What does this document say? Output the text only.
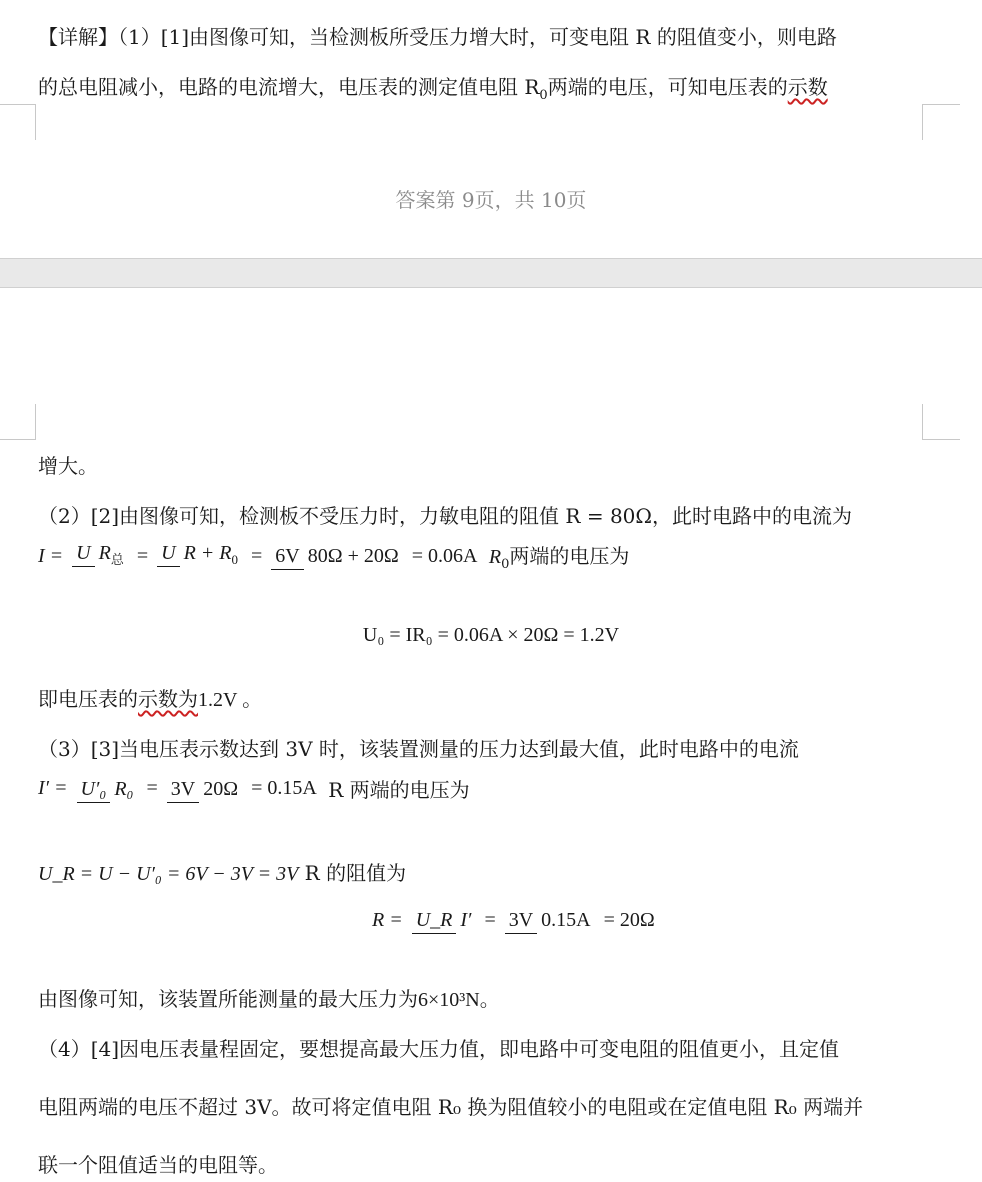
【详解】（1）[1]由图像可知，当检测板所受压力增大时，可变电阻 R 的阻值变小，则电路
的总电阻减小，电路的电流增大，电压表的测定值电阻 $R_0$两端的电压，可知电压表的示数
答案第 9页，共 10页
增大。
（2）[2]由图像可知，检测板不受压力时，力敏电阻的阻值 R = 80Ω，此时电路中的电流为
I = U $R_总 = U$ $R + R_0 = 6V$ 80Ω + 20Ω = 0.06A $R_0$两端的电压为
U₀ = IR₀ = 0.06A × 20Ω = 1.2V
即电压表的示数为1.2V 。
（3）[3]当电压表示数达到 3V 时，该装置测量的压力达到最大值，此时电路中的电流
I′ = U′₀ R₀ = 3V 20Ω = 0.15A R 两端的电压为
U_R = U − U′₀ = 6V − 3V = 3V R 的阻值为
R = U_R I′ = 3V 0.15A = 20Ω
由图像可知，该装置所能测量的最大压力为6×10³N。
（4）[4]因电压表量程固定，要想提高最大压力值，即电路中可变电阻的阻值更小，且定值
电阻两端的电压不超过 3V。故可将定值电阻 R₀ 换为阻值较小的电阻或在定值电阻 R₀ 两端并
联一个阻值适当的电阻等。
